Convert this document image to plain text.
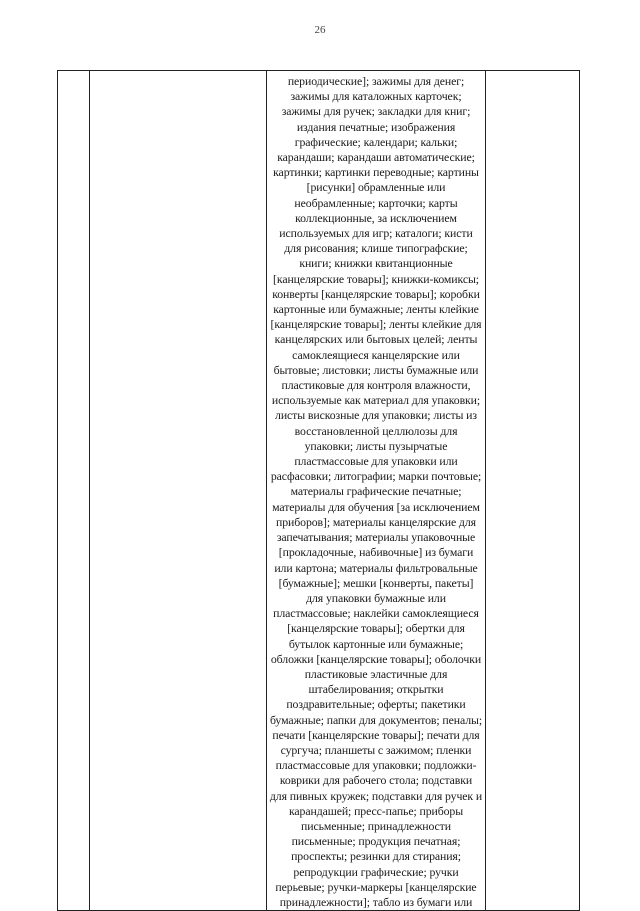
26

периодические]; зажимы для денег;
зажимы для каталожных карточек;
зажимы для ручек; закладки для книг;
издания печатные; изображения
графические; календари; кальки;
карандаши; карандаши автоматические;
картинки; картинки переводные; картины
[рисунки] обрамленные или
необрамленные; карточки; карты
коллекционные, за исключением
используемых для игр; каталоги; кисти
для рисования; клише типографские;
книги; книжки квитанционные
[канцелярские товары]; книжки-комиксы;
конверты [канцелярские товары]; коробки
картонные или бумажные; ленты клейкие
[канцелярские товары]; ленты клейкие для
канцелярских или бытовых целей; ленты
самоклеящиеся канцелярские или
бытовые; листовки; листы бумажные или
пластиковые для контроля влажности,
используемые как материал для упаковки;
листы вискозные для упаковки; листы из
восстановленной целлюлозы для
упаковки; листы пузырчатые
пластмассовые для упаковки или
расфасовки; литографии; марки почтовые;
материалы графические печатные;
материалы для обучения [за исключением
приборов]; материалы канцелярские для
запечатывания; материалы упаковочные
[прокладочные, набивочные] из бумаги
или картона; материалы фильтровальные
[бумажные]; мешки [конверты, пакеты]
для упаковки бумажные или
пластмассовые; наклейки самоклеящиеся
[канцелярские товары]; обертки для
бутылок картонные или бумажные;
обложки [канцелярские товары]; оболочки
пластиковые эластичные для
штабелирования; открытки
поздравительные; оферты; пакетики
бумажные; папки для документов; пеналы;
печати [канцелярские товары]; печати для
сургуча; планшеты с зажимом; пленки
пластмассовые для упаковки; подложки-
коврики для рабочего стола; подставки
для пивных кружек; подставки для ручек и
карандашей; пресс-папье; приборы
письменные; принадлежности
письменные; продукция печатная;
проспекты; резинки для стирания;
репродукции графические; ручки
перьевые; ручки-маркеры [канцелярские
принадлежности]; табло из бумаги или
